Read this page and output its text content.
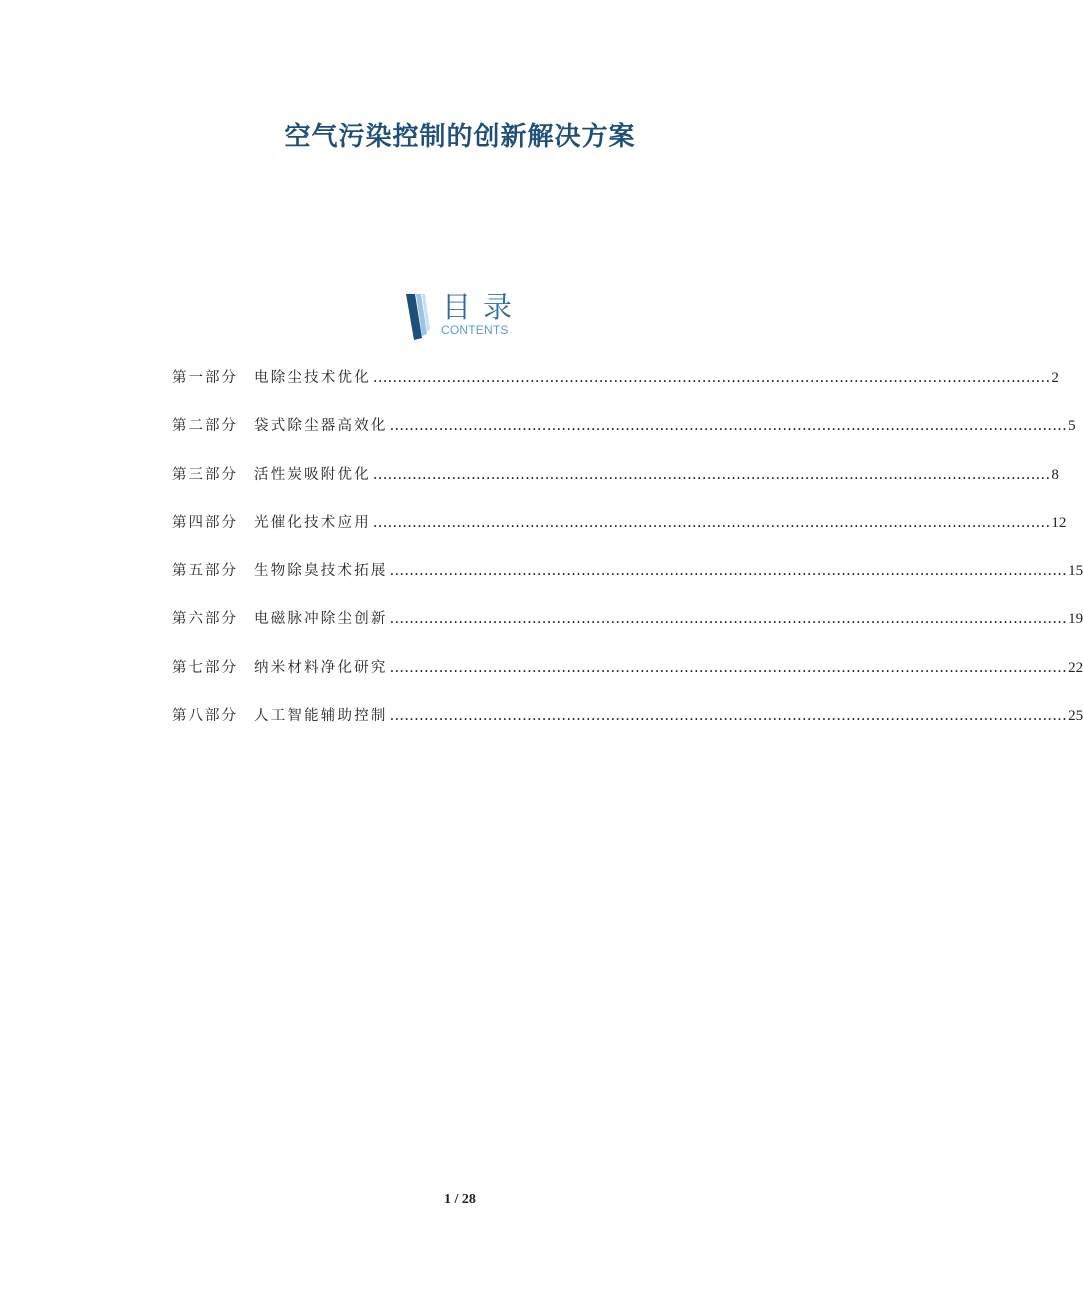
空气污染控制的创新解决方案
目录
CONTENTS
第一部分	电除尘技术优化 .......................................................................................................................................... 2
第二部分	袋式除尘器高效化 .......................................................................................................................................... 5
第三部分	活性炭吸附优化 .......................................................................................................................................... 8
第四部分	光催化技术应用 .......................................................................................................................................... 12
第五部分	生物除臭技术拓展 .......................................................................................................................................... 15
第六部分	电磁脉冲除尘创新 .......................................................................................................................................... 19
第七部分	纳米材料净化研究 .......................................................................................................................................... 22
第八部分	人工智能辅助控制 .......................................................................................................................................... 25
1 / 28
